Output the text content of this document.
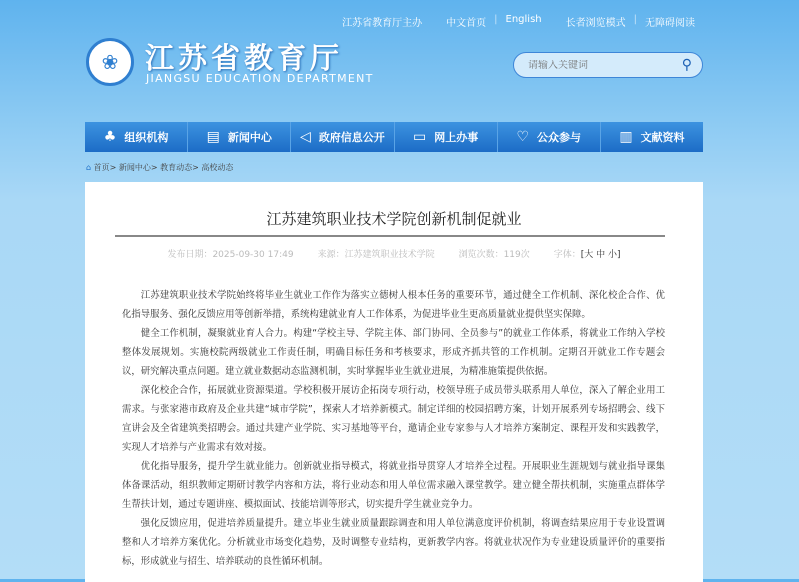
江苏省教育厅主办 中文首页 | English 长者浏览模式 | 无障碍阅读
❀ 江苏省教育厅
JIANGSU EDUCATION DEPARTMENT
请输入关键词
⚲
♣ 组织机构	▤ 新闻中心 ◁ 政府信息公开 ▭ 网上办事	♡ 公众参与	▥ 文献资料
⌂ 首页> 新闻中心> 教育动态> 高校动态
江苏建筑职业技术学院创新机制促就业
发布日期：2025-09-30 17:49	来源：江苏建筑职业技术学院	浏览次数：119次	字体：[大 中 小]

江苏建筑职业技术学院始终将毕业生就业工作作为落实立德树人根本任务的重要环节，通过健全工作机制、深化校企合作、优化指导服务、强化反馈应用等创新举措，系统构建就业育人工作体系，为促进毕业生更高质量就业提供坚实保障。

健全工作机制，凝聚就业育人合力。构建“学校主导、学院主体、部门协同、全员参与”的就业工作体系，将就业工作纳入学校整体发展规划。实施校院两级就业工作责任制，明确目标任务和考核要求，形成齐抓共管的工作机制。定期召开就业工作专题会议，研究解决重点问题。建立就业数据动态监测机制，实时掌握毕业生就业进展，为精准施策提供依据。

深化校企合作，拓展就业资源渠道。学校积极开展访企拓岗专项行动，校领导班子成员带头联系用人单位，深入了解企业用工需求。与张家港市政府及企业共建“城市学院”，探索人才培养新模式。制定详细的校园招聘方案，计划开展系列专场招聘会、线下宣讲会及全省建筑类招聘会。通过共建产业学院、实习基地等平台，邀请企业专家参与人才培养方案制定、课程开发和实践教学，实现人才培养与产业需求有效对接。

优化指导服务，提升学生就业能力。创新就业指导模式，将就业指导贯穿人才培养全过程。开展职业生涯规划与就业指导课集体备课活动，组织教师定期研讨教学内容和方法，将行业动态和用人单位需求融入课堂教学。建立健全帮扶机制，实施重点群体学生帮扶计划，通过专题讲座、模拟面试、技能培训等形式，切实提升学生就业竞争力。

强化反馈应用，促进培养质量提升。建立毕业生就业质量跟踪调查和用人单位满意度评价机制，将调查结果应用于专业设置调整和人才培养方案优化。分析就业市场变化趋势，及时调整专业结构，更新教学内容。将就业状况作为专业建设质量评价的重要指标，形成就业与招生、培养联动的良性循环机制。
